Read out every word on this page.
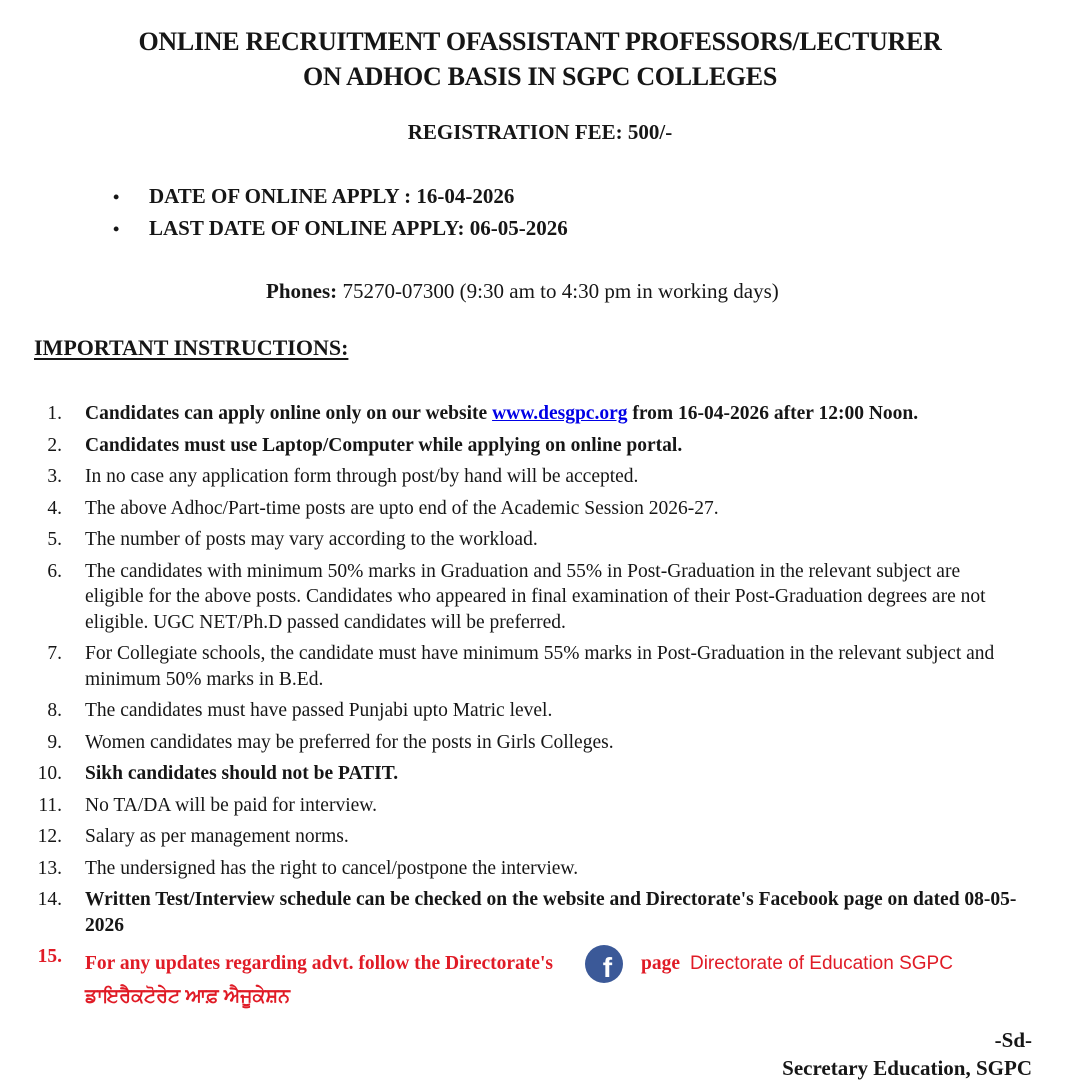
ONLINE RECRUITMENT OFASSISTANT PROFESSORS/LECTURER
ON ADHOC BASIS IN SGPC COLLEGES
REGISTRATION FEE: 500/-
•	DATE OF ONLINE APPLY : 16-04-2026
•	LAST DATE OF ONLINE APPLY: 06-05-2026
Phones: 75270-07300 (9:30 am to 4:30 pm in working days)
IMPORTANT INSTRUCTIONS:
1. Candidates can apply online only on our website www.desgpc.org from 16-04-2026 after 12:00 Noon.
2. Candidates must use Laptop/Computer while applying on online portal.
3. In no case any application form through post/by hand will be accepted.
4. The above Adhoc/Part-time posts are upto end of the Academic Session 2026-27.
5. The number of posts may vary according to the workload.
6. The candidates with minimum 50% marks in Graduation and 55% in Post-Graduation in the relevant subject are eligible for the above posts. Candidates who appeared in final examination of their Post-Graduation degrees are not eligible. UGC NET/Ph.D passed candidates will be preferred.
7. For Collegiate schools, the candidate must have minimum 55% marks in Post-Graduation in the relevant subject and minimum 50% marks in B.Ed.
8. The candidates must have passed Punjabi upto Matric level.
9. Women candidates may be preferred for the posts in Girls Colleges.
10. Sikh candidates should not be PATIT.
11. No TA/DA will be paid for interview.
12. Salary as per management norms.
13. The undersigned has the right to cancel/postpone the interview.
14. Written Test/Interview schedule can be checked on the website and Directorate's Facebook page on dated 08-05-2026
15. For any updates regarding advt. follow the Directorate's f page Directorate of Education SGPC
ਡਾਇਰੈਕਟੋਰੇਟ ਆਫ਼ ਐਜੂਕੇਸ਼ਨ
-Sd-
Secretary Education, SGPC
